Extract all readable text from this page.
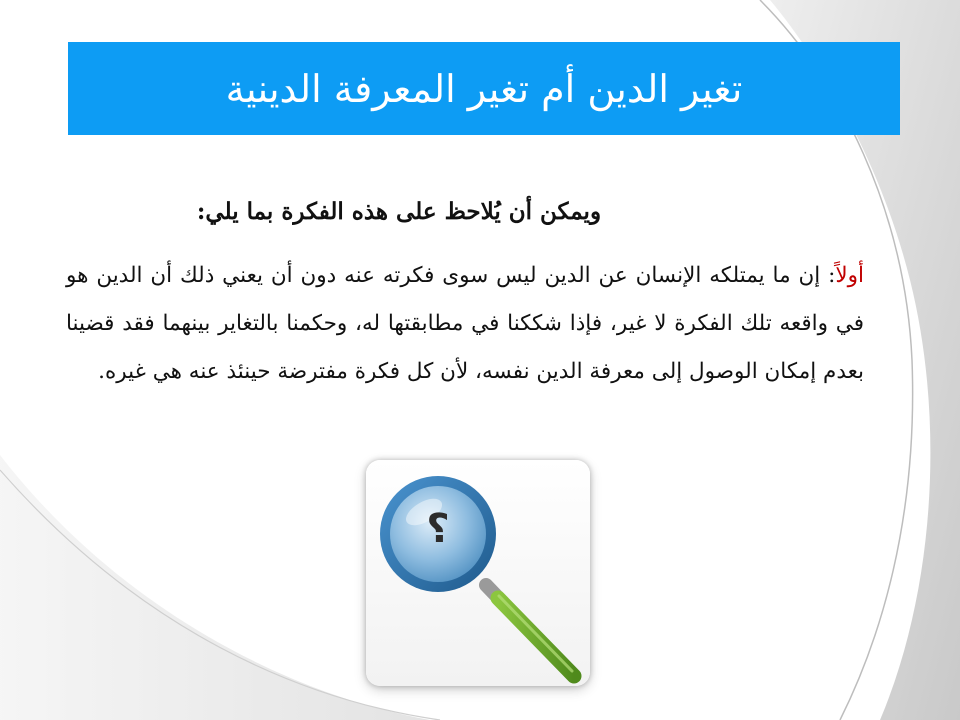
تغير الدين أم تغير المعرفة الدينية
ويمكن أن يُلاحظ على هذه الفكرة بما يلي:
أولاً: إن ما يمتلكه الإنسان عن الدين ليس سوى فكرته عنه دون أن يعني ذلك أن الدين هو في واقعه تلك الفكرة لا غير، فإذا شككنا في مطابقتها له، وحكمنا بالتغاير بينهما فقد قضينا بعدم إمكان الوصول إلى معرفة الدين نفسه، لأن كل فكرة مفترضة حينئذ عنه هي غيره.
؟
